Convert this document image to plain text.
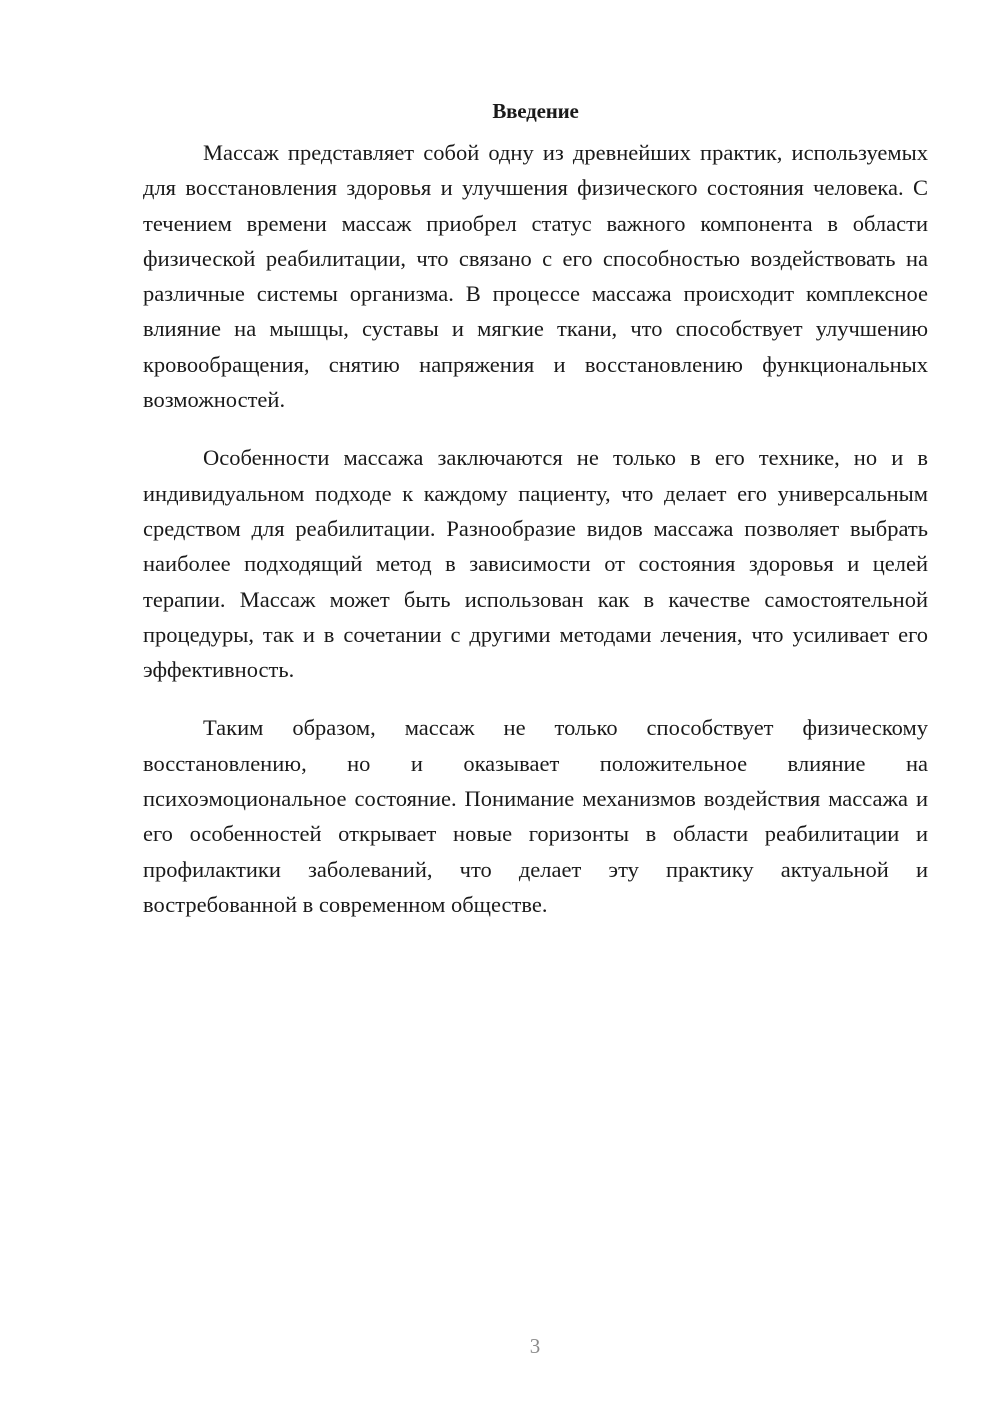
Введение

Массаж представляет собой одну из древнейших практик, используемых для восстановления здоровья и улучшения физического состояния человека. С течением времени массаж приобрел статус важного компонента в области физической реабилитации, что связано с его способностью воздействовать на различные системы организма. В процессе массажа происходит комплексное влияние на мышцы, суставы и мягкие ткани, что способствует улучшению кровообращения, снятию напряжения и восстановлению функциональных возможностей.

Особенности массажа заключаются не только в его технике, но и в индивидуальном подходе к каждому пациенту, что делает его универсальным средством для реабилитации. Разнообразие видов массажа позволяет выбрать наиболее подходящий метод в зависимости от состояния здоровья и целей терапии. Массаж может быть использован как в качестве самостоятельной процедуры, так и в сочетании с другими методами лечения, что усиливает его эффективность.

Таким образом, массаж не только способствует физическому восстановлению, но и оказывает положительное влияние на психоэмоциональное состояние. Понимание механизмов воздействия массажа и его особенностей открывает новые горизонты в области реабилитации и профилактики заболеваний, что делает эту практику актуальной и востребованной в современном обществе.

3
